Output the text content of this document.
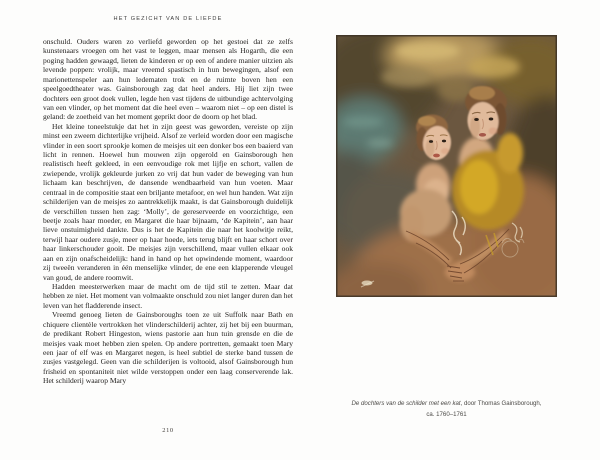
HET GEZICHT VAN DE LIEFDE

onschuld. Ouders waren zo verliefd geworden op het gestoei dat ze zelfs kunstenaars vroegen om het vast te leggen, maar mensen als Hogarth, die een poging hadden gewaagd, lieten de kinderen er op een of andere manier uitzien als levende poppen: vrolijk, maar vreemd spastisch in hun bewegingen, alsof een marionettenspeler aan hun ledematen trok en de ruimte boven hen een speelgoedtheater was. Gainsborough zag dat heel anders. Hij liet zijn twee dochters een groot doek vullen, legde hen vast tijdens de uitbundige achtervolging van een vlinder, op het moment dat die heel even – waarom niet – op een distel is geland: de zoetheid van het moment geprikt door de doorn op het blad.

Het kleine toneelstukje dat het in zijn geest was geworden, vereiste op zijn minst een zweem dichterlijke vrijheid. Alsof ze verleid worden door een magische vlinder in een soort sprookje komen de meisjes uit een donker bos een baaierd van licht in rennen. Hoewel hun mouwen zijn opgerold en Gainsborough hen realistisch heeft gekleed, in een eenvoudige rok met lijfje en schort, vallen de zwiepende, vrolijk gekleurde jurken zo vrij dat hun vader de beweging van hun lichaam kan beschrijven, de dansende wendbaarheid van hun voeten. Maar centraal in de compositie staat een briljante metafoor, en wel hun handen. Wat zijn schilderijen van de meisjes zo aantrekkelijk maakt, is dat Gainsborough duidelijk de verschillen tussen hen zag: ‘Molly’, de gereserveerde en voorzichtige, een beetje zoals haar moeder, en Margaret die haar bijnaam, ‘de Kapitein’, aan haar lieve onstuimigheid dankte. Dus is het de Kapitein die naar het koolwitje reikt, terwijl haar oudere zusje, meer op haar hoede, iets terug blijft en haar schort over haar linkerschouder gooit. De meisjes zijn verschillend, maar vullen elkaar ook aan en zijn onafscheidelijk: hand in hand op het opwindende moment, waardoor zij tweeën veranderen in één menselijke vlinder, de ene een klapperende vleugel van goud, de andere roomwit.

Hadden meesterwerken maar de macht om de tijd stil te zetten. Maar dat hebben ze niet. Het moment van volmaakte onschuld zou niet langer duren dan het leven van het fladderende insect.

Vreemd genoeg lieten de Gainsboroughs toen ze uit Suffolk naar Bath en chiquere clientèle vertrokken het vlinderschilderij achter, zij het bij een buurman, de predikant Robert Hingeston, wiens pastorie aan hun tuin grensde en die de meisjes vaak moet hebben zien spelen. Op andere portretten, gemaakt toen Mary een jaar of elf was en Margaret negen, is heel subtiel de sterke band tussen de zusjes vastgelegd. Geen van die schilderijen is voltooid, alsof Gainsborough hun frisheid en spontaniteit niet wilde verstoppen onder een laag conserverende lak. Het schilderij waarop Mary

210
De dochters van de schilder met een kat, door Thomas Gainsborough,
ca. 1760–1761
